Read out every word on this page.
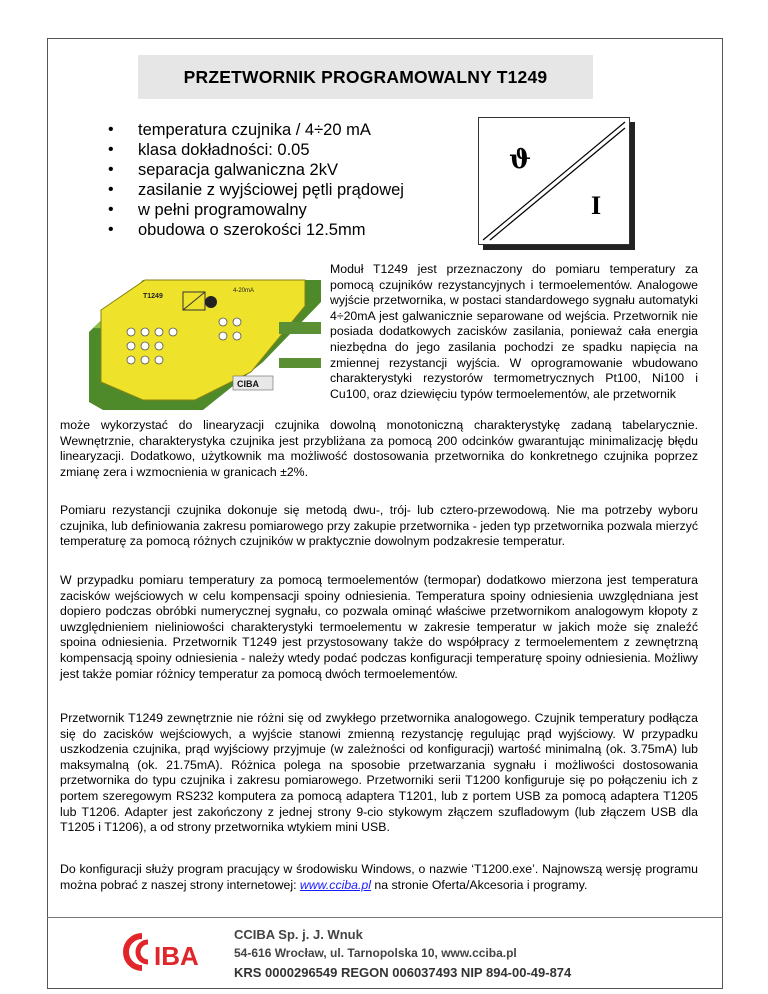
PRZETWORNIK PROGRAMOWALNY T1249
• temperatura czujnika / 4÷20 mA
• klasa dokładności: 0.05
• separacja galwaniczna 2kV
• zasilanie z wyjściowej pętli prądowej
• w pełni programowalny
• obudowa o szerokości 12.5mm
ϑ
I
T1249
4-20mA
CIBA
Moduł T1249 jest przeznaczony do pomiaru temperatury za pomocą czujników rezystancyjnych i termoelementów. Analogowe wyjście przetwornika, w postaci standardowego sygnału automatyki 4÷20mA jest galwanicznie separowane od wejścia. Przetwornik nie posiada dodatkowych zacisków zasilania, ponieważ cała energia niezbędna do jego zasilania pochodzi ze spadku napięcia na zmiennej rezystancji wyjścia. W oprogramowanie wbudowano charakterystyki rezystorów termometrycznych Pt100, Ni100 i Cu100, oraz dziewięciu typów termoelementów, ale przetwornik
może wykorzystać do linearyzacji czujnika dowolną monotoniczną charakterystykę zadaną tabelarycznie. Wewnętrznie, charakterystyka czujnika jest przybliżana za pomocą 200 odcinków gwarantując minimalizację błędu linearyzacji. Dodatkowo, użytkownik ma możliwość dostosowania przetwornika do konkretnego czujnika poprzez zmianę zera i wzmocnienia w granicach ±2%.
Pomiaru rezystancji czujnika dokonuje się metodą dwu-, trój- lub cztero-przewodową. Nie ma potrzeby wyboru czujnika, lub definiowania zakresu pomiarowego przy zakupie przetwornika - jeden typ przetwornika pozwala mierzyć temperaturę za pomocą różnych czujników w praktycznie dowolnym podzakresie temperatur.
W przypadku pomiaru temperatury za pomocą termoelementów (termopar) dodatkowo mierzona jest temperatura zacisków wejściowych w celu kompensacji spoiny odniesienia. Temperatura spoiny odniesienia uwzględniana jest dopiero podczas obróbki numerycznej sygnału, co pozwala ominąć właściwe przetwornikom analogowym kłopoty z uwzględnieniem nieliniowości charakterystyki termoelementu w zakresie temperatur w jakich może się znaleźć spoina odniesienia. Przetwornik T1249 jest przystosowany także do współpracy z termoelementem z zewnętrzną kompensacją spoiny odniesienia - należy wtedy podać podczas konfiguracji temperaturę spoiny odniesienia. Możliwy jest także pomiar różnicy temperatur za pomocą dwóch termoelementów.
Przetwornik T1249 zewnętrznie nie różni się od zwykłego przetwornika analogowego. Czujnik temperatury podłącza się do zacisków wejściowych, a wyjście stanowi zmienną rezystancję regulując prąd wyjściowy. W przypadku uszkodzenia czujnika, prąd wyjściowy przyjmuje (w zależności od konfiguracji) wartość minimalną (ok. 3.75mA) lub maksymalną (ok. 21.75mA). Różnica polega na sposobie przetwarzania sygnału i możliwości dostosowania przetwornika do typu czujnika i zakresu pomiarowego. Przetworniki serii T1200 konfiguruje się po połączeniu ich z portem szeregowym RS232 komputera za pomocą adaptera T1201, lub z portem USB za pomocą adaptera T1205 lub T1206. Adapter jest zakończony z jednej strony 9-cio stykowym złączem szufladowym (lub złączem USB dla T1205 i T1206), a od strony przetwornika wtykiem mini USB.
Do konfiguracji służy program pracujący w środowisku Windows, o nazwie ‘T1200.exe’. Najnowszą wersję programu można pobrać z naszej strony internetowej: www.cciba.pl na stronie Oferta/Akcesoria i programy.
IBA
CCIBA Sp. j. J. Wnuk
54-616 Wrocław, ul. Tarnopolska 10, www.cciba.pl
KRS 0000296549 REGON 006037493 NIP 894-00-49-874
